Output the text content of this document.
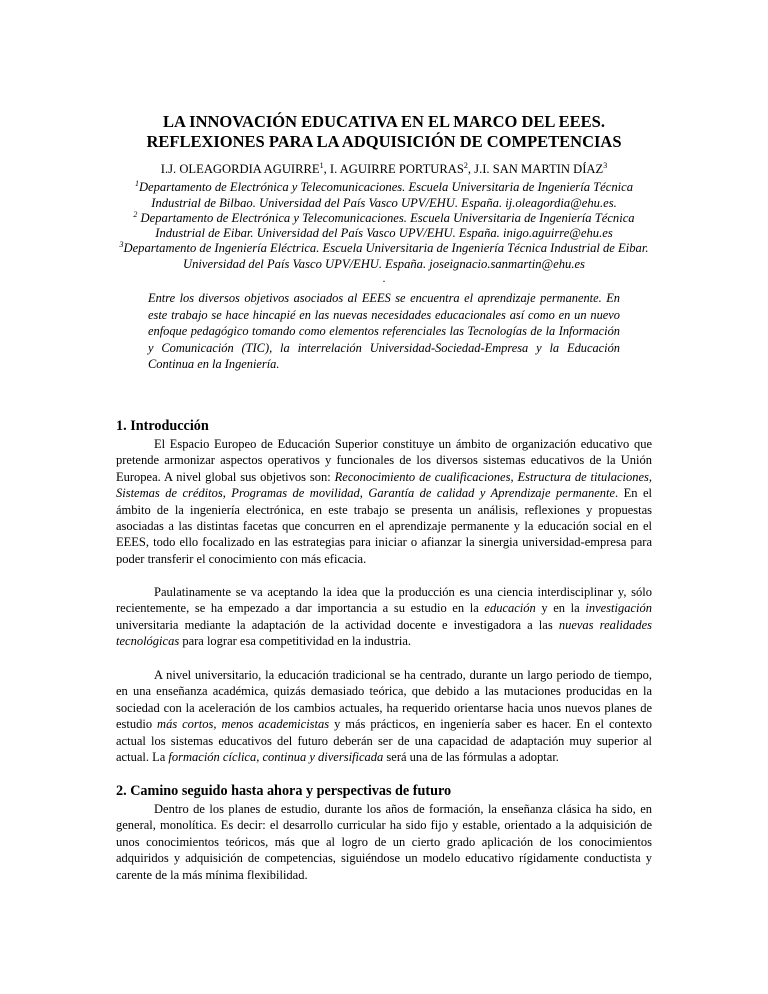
LA INNOVACIÓN EDUCATIVA EN EL MARCO DEL EEES.
REFLEXIONES PARA LA ADQUISICIÓN DE COMPETENCIAS
I.J. OLEAGORDIA AGUIRRE$^1$, I. AGUIRRE PORTURAS$^2$, J.I. SAN MARTIN DÍAZ$^3$
$^1$Departamento de Electrónica y Telecomunicaciones. Escuela Universitaria de Ingeniería Técnica
Industrial de Bilbao. Universidad del País Vasco UPV/EHU. España. ij.oleagordia@ehu.es.
$^2$ Departamento de Electrónica y Telecomunicaciones. Escuela Universitaria de Ingeniería Técnica
Industrial de Eibar. Universidad del País Vasco UPV/EHU. España. inigo.aguirre@ehu.es
$^3$Departamento de Ingeniería Eléctrica. Escuela Universitaria de Ingeniería Técnica Industrial de Eibar.
Universidad del País Vasco UPV/EHU. España. joseignacio.sanmartin@ehu.es
.

Entre los diversos objetivos asociados al EEES se encuentra el aprendizaje permanente. En este trabajo se hace hincapié en las nuevas necesidades educacionales así como en un nuevo enfoque pedagógico tomando como elementos referenciales las Tecnologías de la Información y Comunicación (TIC), la interrelación Universidad-Sociedad-Empresa y la Educación Continua en la Ingeniería.

1. Introducción

El Espacio Europeo de Educación Superior constituye un ámbito de organización educativo que pretende armonizar aspectos operativos y funcionales de los diversos sistemas educativos de la Unión Europea. A nivel global sus objetivos son: Reconocimiento de cualificaciones, Estructura de titulaciones, Sistemas de créditos, Programas de movilidad, Garantía de calidad y Aprendizaje permanente. En el ámbito de la ingeniería electrónica, en este trabajo se presenta un análisis, reflexiones y propuestas asociadas a las distintas facetas que concurren en el aprendizaje permanente y la educación social en el EEES, todo ello focalizado en las estrategias para iniciar o afianzar la sinergia universidad-empresa para poder transferir el conocimiento con más eficacia.

Paulatinamente se va aceptando la idea que la producción es una ciencia interdisciplinar y, sólo recientemente, se ha empezado a dar importancia a su estudio en la educación y en la investigación universitaria mediante la adaptación de la actividad docente e investigadora a las nuevas realidades tecnológicas para lograr esa competitividad en la industria.

A nivel universitario, la educación tradicional se ha centrado, durante un largo periodo de tiempo, en una enseñanza académica, quizás demasiado teórica, que debido a las mutaciones producidas en la sociedad con la aceleración de los cambios actuales, ha requerido orientarse hacia unos nuevos planes de estudio más cortos, menos academicistas y más prácticos, en ingeniería saber es hacer. En el contexto actual los sistemas educativos del futuro deberán ser de una capacidad de adaptación muy superior al actual. La formación cíclica, continua y diversificada será una de las fórmulas a adoptar.

2. Camino seguido hasta ahora y perspectivas de futuro

Dentro de los planes de estudio, durante los años de formación, la enseñanza clásica ha sido, en general, monolítica. Es decir: el desarrollo curricular ha sido fijo y estable, orientado a la adquisición de unos conocimientos teóricos, más que al logro de un cierto grado aplicación de los conocimientos adquiridos y adquisición de competencias, siguiéndose un modelo educativo rígidamente conductista y carente de la más mínima flexibilidad.
